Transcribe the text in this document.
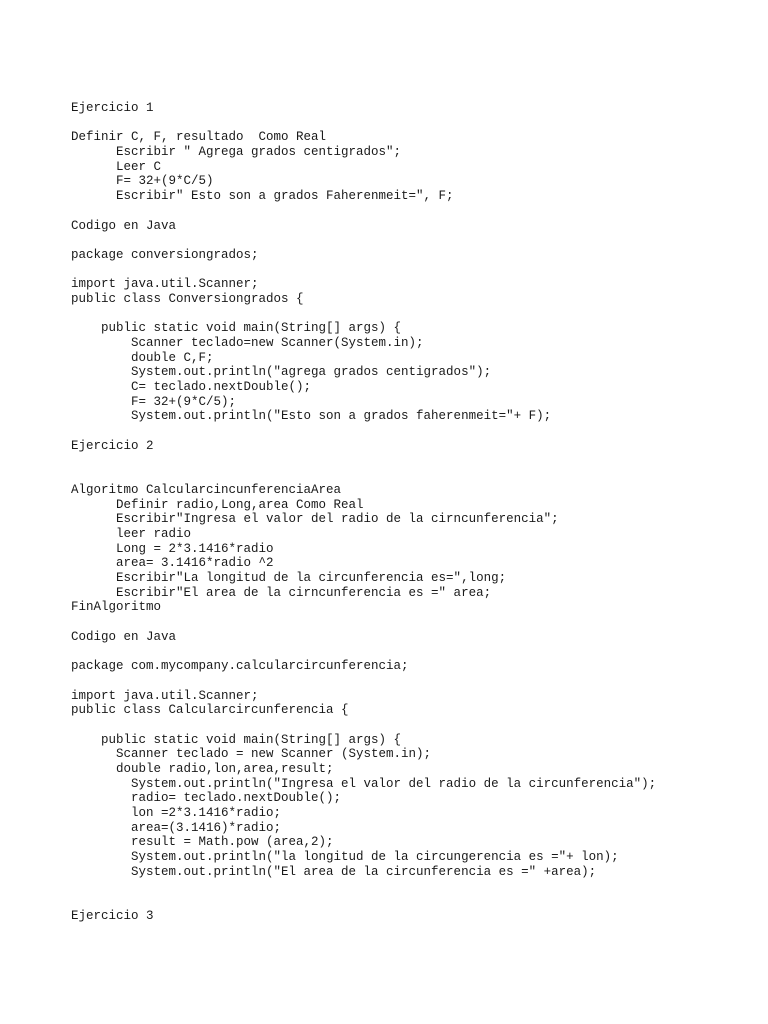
Ejercicio 1
Definir C, F, resultado  Como Real
Escribir " Agrega grados centigrados";
Leer C
F= 32+(9*C/5)
Escribir" Esto son a grados Faherenmeit=", F;
Codigo en Java
package conversiongrados;
import java.util.Scanner;
public class Conversiongrados {
public static void main(String[] args) {
Scanner teclado=new Scanner(System.in);
double C,F;
System.out.println("agrega grados centigrados");
C= teclado.nextDouble();
F= 32+(9*C/5);
System.out.println("Esto son a grados faherenmeit="+ F);
Ejercicio 2
Algoritmo CalcularcincunferenciaArea
Definir radio,Long,area Como Real
Escribir"Ingresa el valor del radio de la cirncunferencia";
leer radio
Long = 2*3.1416*radio
area= 3.1416*radio ^2
Escribir"La longitud de la circunferencia es=",long;
Escribir"El area de la cirncunferencia es =" area;
FinAlgoritmo
Codigo en Java
package com.mycompany.calcularcircunferencia;
import java.util.Scanner;
public class Calcularcircunferencia {
public static void main(String[] args) {
Scanner teclado = new Scanner (System.in);
double radio,lon,area,result;
System.out.println("Ingresa el valor del radio de la circunferencia");
radio= teclado.nextDouble();
lon =2*3.1416*radio;
area=(3.1416)*radio;
result = Math.pow (area,2);
System.out.println("la longitud de la circungerencia es ="+ lon);
System.out.println("El area de la circunferencia es =" +area);
Ejercicio 3
